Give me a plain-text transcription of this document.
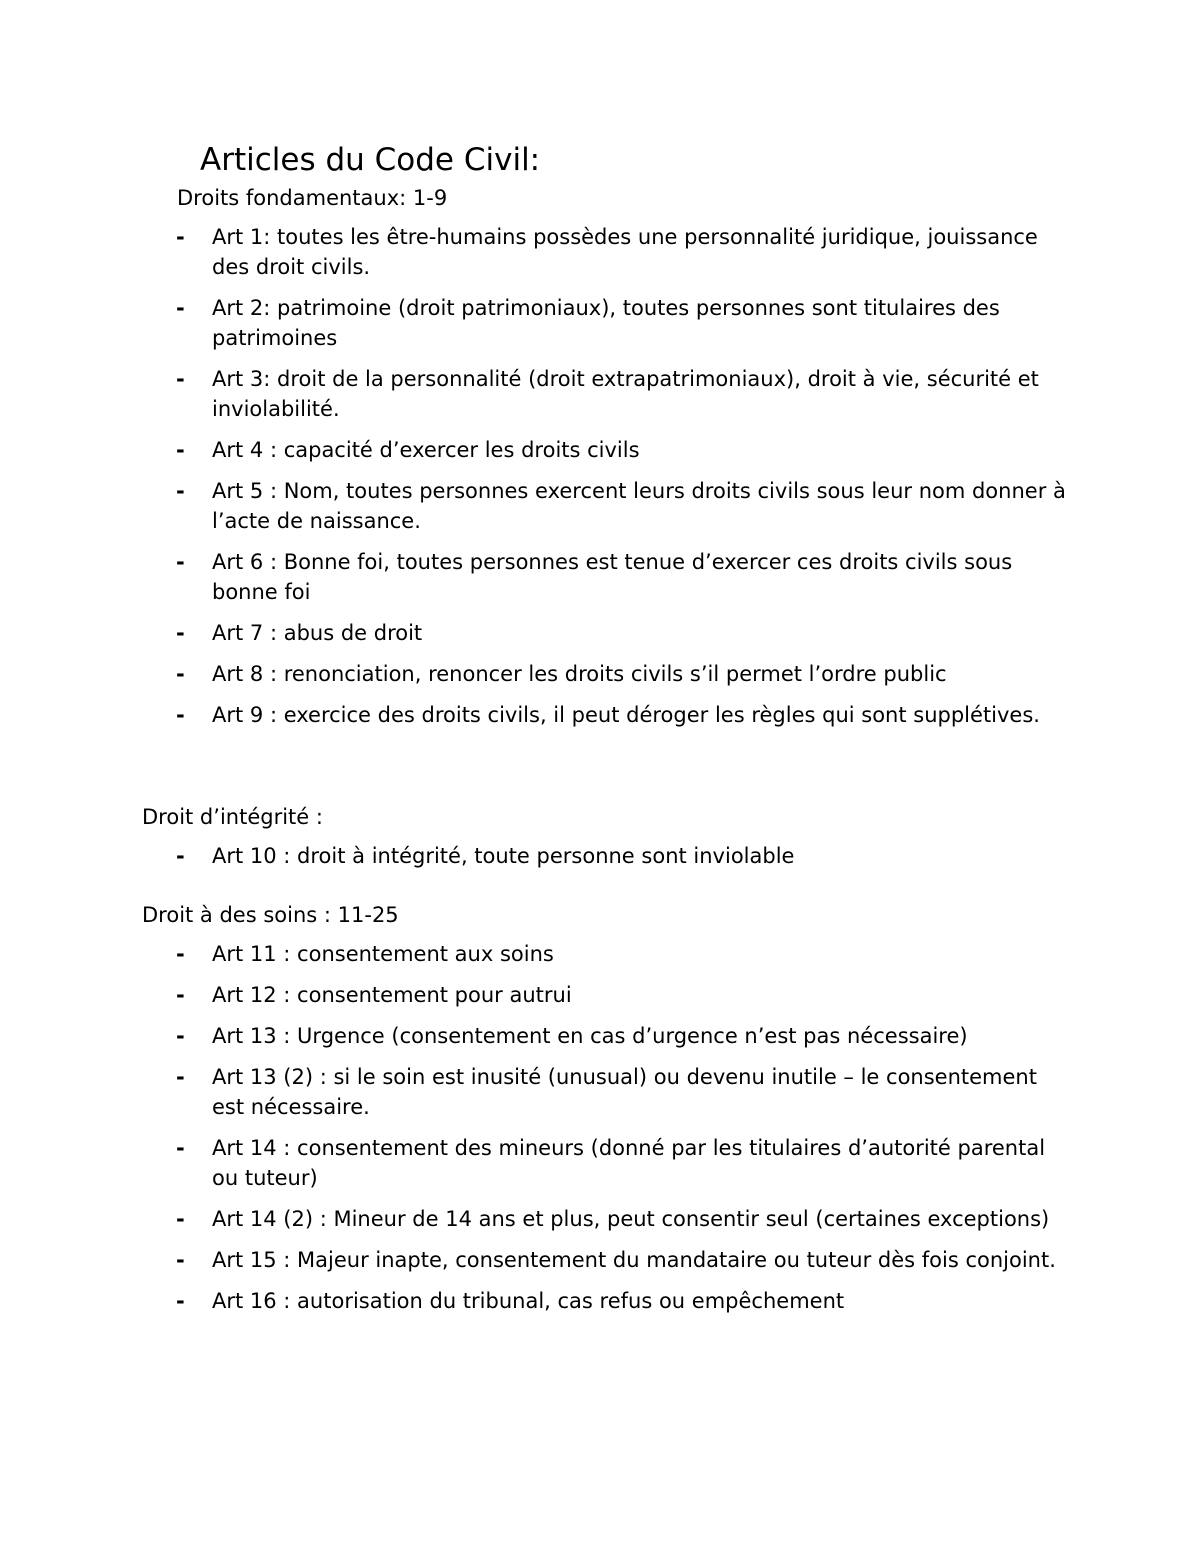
Articles du Code Civil:
Droits fondamentaux: 1-9
- Art 1: toutes les être-humains possèdes une personnalité juridique, jouissance des droit civils.
- Art 2: patrimoine (droit patrimoniaux), toutes personnes sont titulaires des patrimoines
- Art 3: droit de la personnalité (droit extrapatrimoniaux), droit à vie, sécurité et inviolabilité.
- Art 4 : capacité d’exercer les droits civils
- Art 5 : Nom, toutes personnes exercent leurs droits civils sous leur nom donner à l’acte de naissance.
- Art 6 : Bonne foi, toutes personnes est tenue d’exercer ces droits civils sous bonne foi
- Art 7 : abus de droit
- Art 8 : renonciation, renoncer les droits civils s’il permet l’ordre public
- Art 9 : exercice des droits civils, il peut déroger les règles qui sont supplétives.
Droit d’intégrité :
- Art 10 : droit à intégrité, toute personne sont inviolable
Droit à des soins : 11-25
- Art 11 : consentement aux soins
- Art 12 : consentement pour autrui
- Art 13 : Urgence (consentement en cas d’urgence n’est pas nécessaire)
- Art 13 (2) : si le soin est inusité (unusual) ou devenu inutile – le consentement est nécessaire.
- Art 14 : consentement des mineurs (donné par les titulaires d’autorité parental ou tuteur)
- Art 14 (2) : Mineur de 14 ans et plus, peut consentir seul (certaines exceptions)
- Art 15 : Majeur inapte, consentement du mandataire ou tuteur dès fois conjoint.
- Art 16 : autorisation du tribunal, cas refus ou empêchement
